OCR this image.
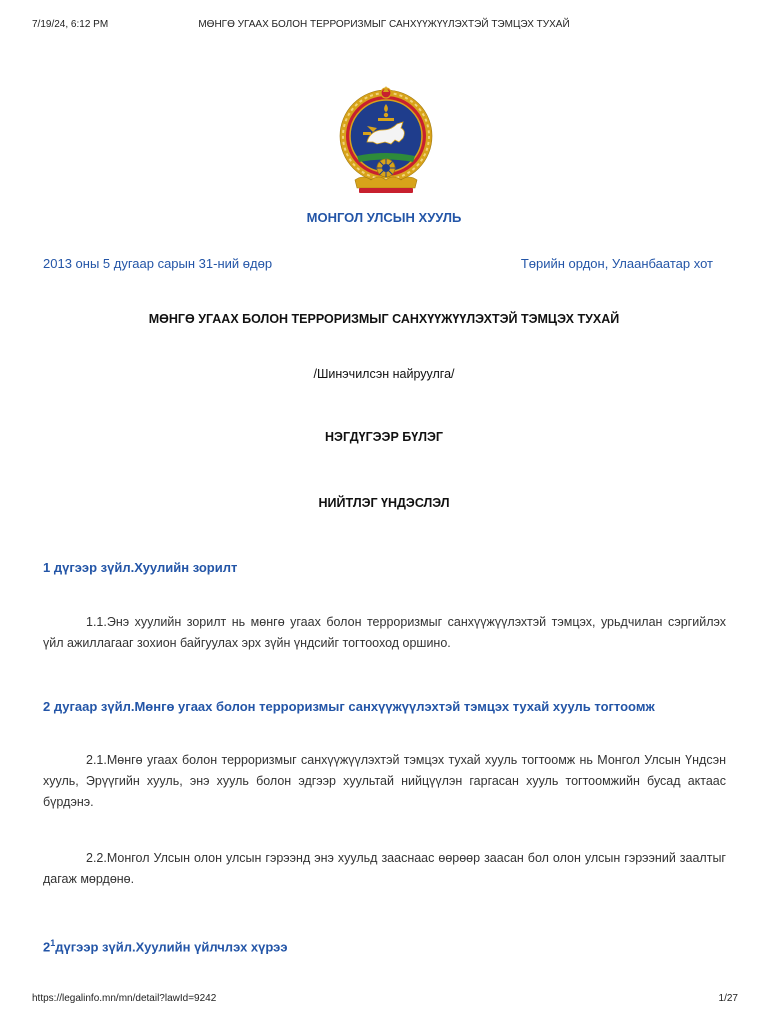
7/19/24, 6:12 PM	МӨНГӨ УГААХ БОЛОН ТЕРРОРИЗМЫГ САНХҮҮЖҮҮЛЭХТЭЙ ТЭМЦЭХ ТУХАЙ
МОНГОЛ УЛСЫН ХУУЛЬ
2013 оны 5 дугаар сарын 31-ний өдөр	Төрийн ордон, Улаанбаатар хот
МӨНГӨ УГААХ БОЛОН ТЕРРОРИЗМЫГ САНХҮҮЖҮҮЛЭХТЭЙ ТЭМЦЭХ ТУХАЙ
/Шинэчилсэн найруулга/
НЭГДҮГЭЭР БҮЛЭГ
НИЙТЛЭГ ҮНДЭСЛЭЛ
1 дүгээр зүйл.Хуулийн зорилт
1.1.Энэ хуулийн зорилт нь мөнгө угаах болон терроризмыг санхүүжүүлэхтэй тэмцэх, урьдчилан сэргийлэх үйл ажиллагааг зохион байгуулах эрх зүйн үндсийг тогтооход оршино.
2 дугаар зүйл.Мөнгө угаах болон терроризмыг санхүүжүүлэхтэй тэмцэх тухай хууль тогтоомж
2.1.Мөнгө угаах болон терроризмыг санхүүжүүлэхтэй тэмцэх тухай хууль тогтоомж нь Монгол Улсын Үндсэн хууль, Эрүүгийн хууль, энэ хууль болон эдгээр хуультай нийцүүлэн гаргасан хууль тогтоомжийн бусад актаас бүрдэнэ.
2.2.Монгол Улсын олон улсын гэрээнд энэ хуульд зааснаас өөрөөр заасан бол олон улсын гэрээний заалтыг дагаж мөрдөнө.
$2^1дүгээр$ зүйл.Хуулийн үйлчлэх хүрээ
https://legalinfo.mn/mn/detail?lawId=9242	1/27
